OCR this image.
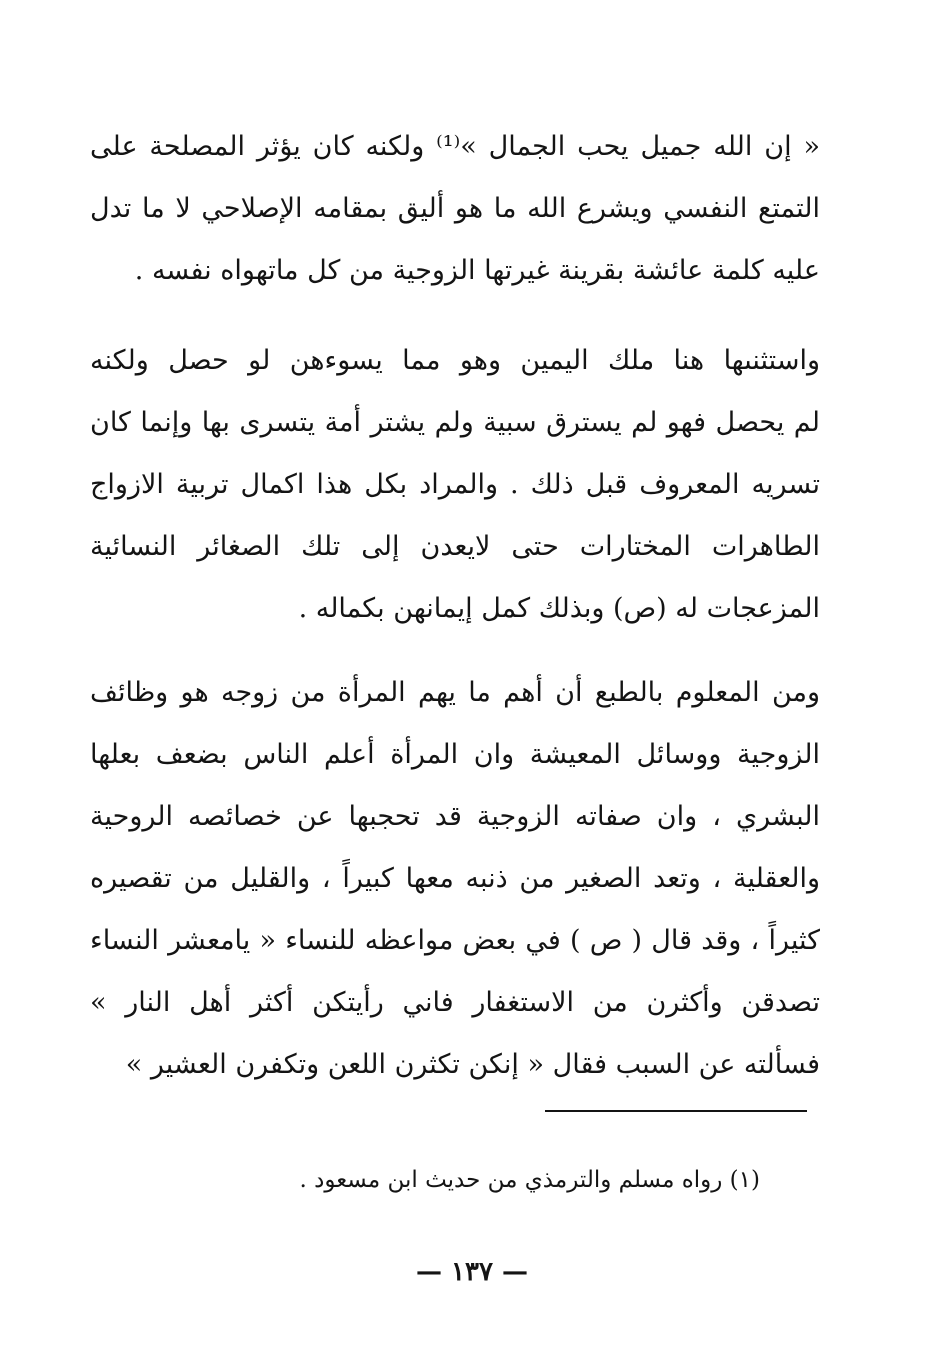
« إن الله جميل يحب الجمال »⁽¹⁾ ولكنه كان يؤثر المصلحة على
التمتع النفسي ويشرع الله ما هو أليق بمقامه الإصلاحي لا ما تدل
عليه كلمة عائشة بقرينة غيرتها الزوجية من كل ماتهواه نفسه .
واستثنىها هنا ملك اليمين وهو مما يسوءهن لو حصل ولكنه
لم يحصل فهو لم يسترق سبية ولم يشتر أمة يتسرى بها وإنما كان
تسريه المعروف قبل ذلك . والمراد بكل هذا اكمال تربية الازواج
الطاهرات المختارات حتى لايعدن إلى تلك الصغائر النسائية
المزعجات له (ص) وبذلك كمل إيمانهن بكماله .
ومن المعلوم بالطبع أن أهم ما يهم المرأة من زوجه هو وظائف
الزوجية ووسائل المعيشة وان المرأة أعلم الناس بضعف بعلها
البشري ، وان صفاته الزوجية قد تحجبها عن خصائصه الروحية
والعقلية ، وتعد الصغير من ذنبه معها كبيراً ، والقليل من تقصيره
كثيراً ، وقد قال ( ص ) في بعض مواعظه للنساء « يامعشر النساء
تصدقن وأكثرن من الاستغفار فاني رأيتكن أكثر أهل النار »
فسألته عن السبب فقال « إنكن تكثرن اللعن وتكفرن العشير »
(١) رواه مسلم والترمذي من حديث ابن مسعود .
— ١٣٧ —
